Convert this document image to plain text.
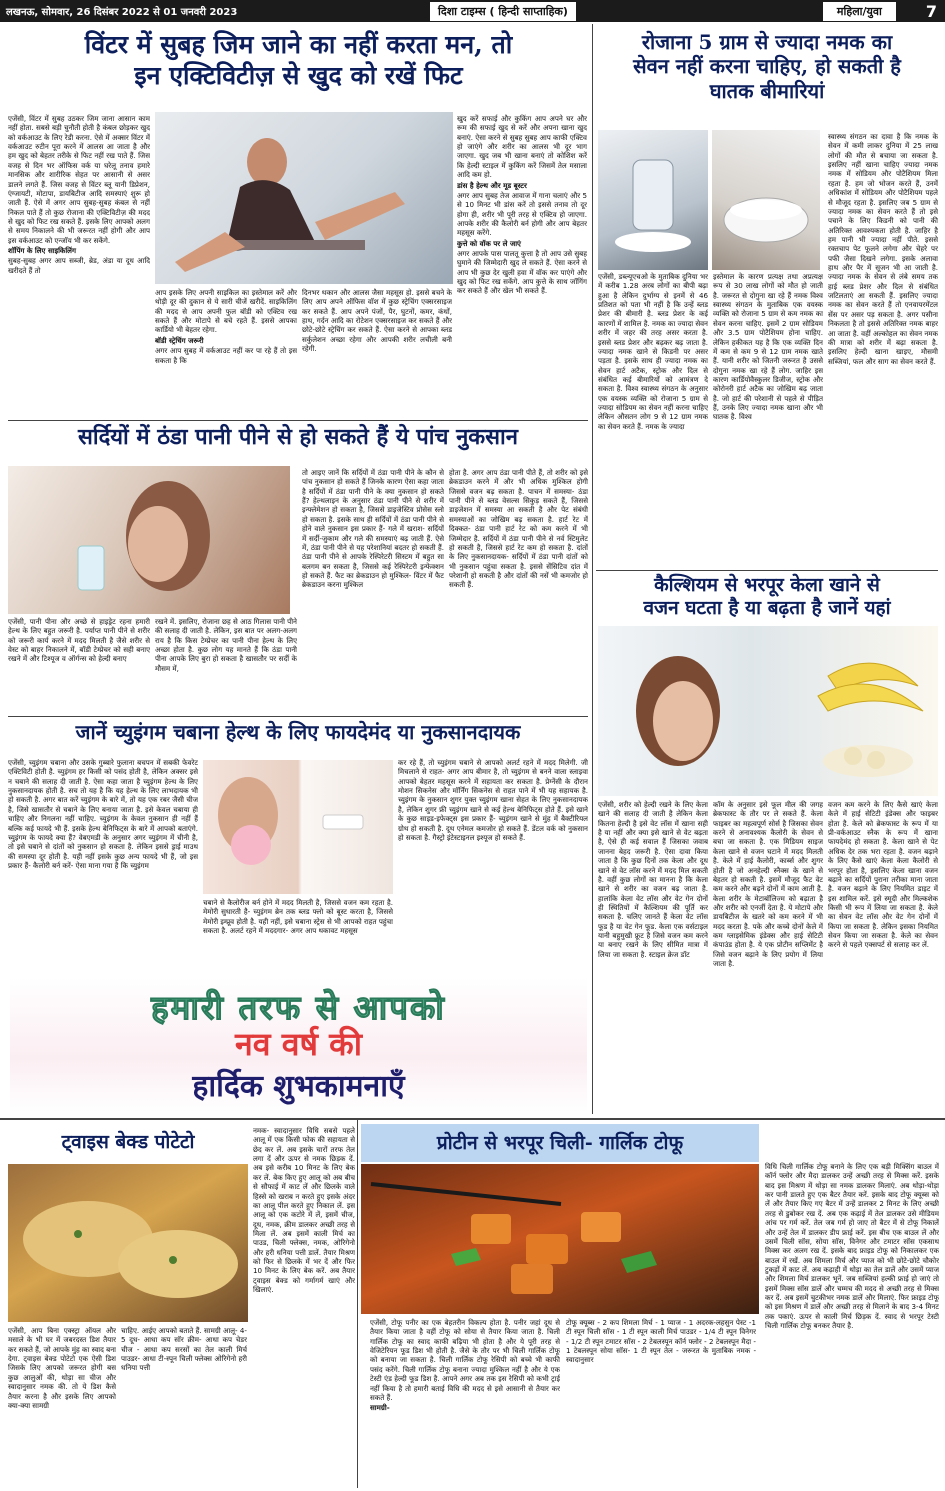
लखनऊ, सोमवार, 26 दिसंबर 2022 से 01 जनवरी 2023	दिशा टाइम्स ( हिन्दी साप्ताहिक)	महिला/युवा	7
विंटर में सुबह जिम जाने का नहीं करता मन, तो
इन एक्टिविटीज़ से खुद को रखें फिट

एजेंसी, विंटर में सुबह उठकर जिम जाना आसान काम नहीं होता. सबसे बड़ी चुनौती होती है कंबल छोड़कर खुद को वर्कआउट के लिए रेडी करना. ऐसे में अक्सर विंटर में वर्कआउट रुटीन पूरा करने में आलस आ जाता है और हम खुद को बेहतर तरीके से फिट नहीं रख पाते हैं. जिस वजह से दिन भर ऑफिस वर्क या घरेलू तनाव हमारे मानसिक और शारीरिक सेहत पर आसानी से असर डालने लगते हैं. जिस वजह से विंटर ब्लू यानी डिप्रेशन, एंग्जायटी, मोटापा, डायबिटीज आदि समस्याएं शुरू हो जाती हैं. ऐसे में अगर आप सुबह-सुबह कंबल से नहीं निकल पाते हैं तो कुछ रोजाना की एक्टिविटीज़ की मदद से खुद को फिट रख सकते हैं. इसके लिए आपको अलग से समय निकालने की भी जरूरत नहीं होगी और आप इस वर्कआउट को एन्जॉय भी कर सकेंगे.

शॉपिंग के लिए साइकिलिंग

सुबह-सुबह अगर आप सब्जी, ब्रेड, अंडा या दूध आदि खरीदते हैं तो

आप इसके लिए अपनी साइकिल का इस्तेमाल करें और थोड़ी दूर की दुकान से ये सारी चीजें खरीदें. साइकिलिंग की मदद से आप अपनी फुल बॉडी को एक्टिव रख सकते हैं और मोटापे से बचे रहते हैं. इससे आपका कार्डियो भी बेहतर रहेगा.

बॉडी स्ट्रेचिंग जरूरी

अगर आप सुबह में वर्कआउट नहीं कर पा रहे हैं तो इस सकता है कि

दिनभर थकान और आलस जैसा महसूस हो. इससे बचने के लिए आप अपने ऑफिस वॉश में कुछ स्ट्रेचिंग एक्सरसाइज कर सकते हैं. आप अपने पंजों, पैर, घुटनों, कमर, कंधों, हाथ, गर्दन आदि का रोटेशन एक्सरसाइज कर सकते हैं और छोटे-छोटे स्ट्रेचिंग कर सकते हैं. ऐसा करने से आपका ब्लड सर्कुलेशन अच्छा रहेगा और आपकी शरीर लचीली बनी रहेगी.

खुद करें सफाई और कुकिंग आप अपने घर और रूम की सफाई खुद से करें और अपना खाना खुद बनाएं. ऐसा करने से सुबह सुबह आप काफी एक्टिव हो जाएंगे और शरीर का आलस भी दूर भाग जाएगा. खुद जब भी खाना बनाएं तो कोशिश करें कि हेल्दी स्टाइल में कुकिंग करें जिसमें तेल मसाला आदि कम हो.

डांस है हेल्थ और मूड बूस्टर

अगर आप सुबह तेज आवाज में गाना चलाएं और 5 से 10 मिनट भी डांस करें तो इससे तनाव तो दूर होगा ही, शरीर भी पूरी तरह से एक्टिव हो जाएगा. आपके शरीर की कैलोरी बर्न होगी और आप बेहतर महसूस करेंगे.

कुत्ते को वॉक पर ले जाएं

अगर आपके पास पालतू कुत्ता है तो आप उसे सुबह घुमाने की जिम्मेदारी खुद ले सकते हैं. ऐसा करने से आप भी कुछ देर खुली हवा में वॉक कर पाएंगे और खुद को फिट रख सकेंगे. आप कुत्ते के साथ जॉगिंग कर सकते हैं और खेल भी सकते हैं.

सर्दियों में ठंडा पानी पीने से हो सकते हैं ये पांच नुकसान

एजेंसी, पानी पीना और अच्छे से हाइड्रेट रहना हमारी हेल्थ के लिए बहुत जरूरी है. पर्याप्त पानी पीने से शरीर को जरूरी कार्य करने में मदद मिलती है जैसे शरीर से वेस्ट को बाहर निकालने में, बॉडी टेम्प्रेचर को सही बनाए रखने में और टिश्यूज व ऑर्गन्स को हेल्दी बनाए

रखने में. इसलिए, रोजाना छह से आठ गिलास पानी पीने की सलाह दी जाती है. लेकिन, इस बात पर अलग-अलग राय है कि किस टेम्प्रेचर का पानी पीना हेल्थ के लिए अच्छा होता है. कुछ लोग यह मानते हैं कि ठंडा पानी पीना आपके लिए बुरा हो सकता है खासतौर पर सर्दी के मौसम में,

तो आइए जानें कि सर्दियों में ठंडा पानी पीने के कौन से पांच नुकसान हो सकते हैं जिनके कारण ऐसा कहा जाता है सर्दियों में ठंडा पानी पीने के क्या नुकसान हो सकते हैं? हेल्थलाइन के अनुसार ठंडा पानी पीने से शरीर में इन्फ्लेमेशन हो सकता है, जिससे डाइजेस्टिव प्रोसेस स्लो हो सकता है. इसके साथ ही सर्दियों में ठंडा पानी पीने से होने वाले नुकसान इस प्रकार हैं- गले में खराश- सर्दियों में सर्दी-जुकाम और गले की समस्याएं बढ़ जाती हैं. ऐसे में, ठंडा पानी पीने से यह परेशानियां बदतर हो सकती हैं. ठंडा पानी पीने से आपके रेस्पिरेटरी सिस्टम में बहुत सा बलगम बन सकता है, जिससे कई रेस्पिरेटरी इन्फेक्शन हो सकते हैं. फैट का ब्रेकडाउन हो मुश्किल- विंटर में फैट ब्रेकडाउन करना मुश्किल

होता है. अगर आप ठंडा पानी पीते हैं, तो शरीर को इसे ब्रेकडाउन करने में और भी अधिक मुश्किल होगी जिससे वजन बढ़ सकता है. पाचन में समस्या- ठंडा पानी पीने से ब्लड वेसल्स सिकुड़ सकते हैं, जिससे डाइजेशन में समस्या आ सकती है और पेट संबंधी समस्याओं का जोखिम बढ़ सकता है. हार्ट रेट में दिक्कत- ठंडा पानी हार्ट रेट को कम करने में भी जिम्मेदार है. सर्दियों में ठंडा पानी पीने से नर्व स्टिमुलेट हो सकती है, जिससे हार्ट रेट कम हो सकता है. दांतों के लिए नुकसानदायक- सर्दियों में ठंडा पानी दांतों को भी नुकसान पहुंचा सकता है. इससे सेंसिटिव दांत में परेशानी हो सकती है और दांतों की नसें भी कमजोर हो सकती हैं.

जानें च्युइंगम चबाना हेल्थ के लिए फायदेमंद या नुकसानदायक

एजेंसी, च्युइंगम चबाना और उसके गुब्बारे फुलाना बचपन में सबकी फेवरेट एक्टिविटी होती है. च्युइंगम हर किसी को पसंद होती है, लेकिन अक्सर इसे न चबाने की सलाह दी जाती है. ऐसा कहा जाता है च्युइंगम हेल्थ के लिए नुकसानदायक होती है. सच तो यह है कि यह हेल्थ के लिए लाभदायक भी हो सकती है. अगर बात करें च्युइंगम के बारे में, तो यह एक रबर जैसी चीज है, जिसे खासतौर से चबाने के लिए बनाया जाता है. इसे केवल चबाया ही चाहिए और निगलना नहीं चाहिए. च्युइंगम के केवल नुकसान ही नहीं हैं बल्कि कई फायदे भी हैं. इसके हेल्थ बेनिफिट्स के बारे में आपको बताएंगे. च्युइंगम के फायदे क्या हैं? वेबएमडी के अनुसार अगर च्युइंगम में चीनी है, तो इसे चबाने से दांतों को नुकसान हो सकता है. लेकिन इससे ड्राई माउथ की समस्या दूर होती है. यही नहीं इसके कुछ अन्य फायदे भी हैं, जो इस प्रकार हैं- कैलोरी बर्न करें- ऐसा माना गया है कि च्युइंगम

चबाने से कैलोरीज बर्न होने में मदद मिलती है, जिससे वजन कम रहता है. मेमोरी सुधारती है- च्युइंगम ब्रेन तक ब्लड फ्लो को बूस्ट करता है, जिससे मेमोरी इम्प्रूव होती है. यही नहीं, इसे चबाना स्ट्रेस से भी आपको राहत पहुंचा सकता है. अलर्ट रहने में मददगार- अगर आप थकावट महसूस

कर रहे हैं, तो च्युइंगम चबाने से आपको अलर्ट रहने में मदद मिलेगी. जी मिचलाने से राहत- अगर आप बीमार है, तो च्युइंगम से बनने वाला स्लाइवा आपको बेहतर महसूस करने में सहायता कर सकता है. प्रेग्नेंसी के दौरान मोशन सिकनेस और मॉर्निंग सिकनेस से राहत पाने में भी यह सहायक है. च्युइंगम के नुकसान शुगर युक्त च्युइंगम खाना सेहत के लिए नुकसानदायक है, लेकिन शुगर फ्री च्युइंगम खाने से कई हेल्थ बेनिफिट्स होते हैं. इसे खाने के कुछ साइड-इफेक्ट्स इस प्रकार हैं- च्युइंगम खाने से मुंह में बैक्टीरियल ग्रोथ हो सकती है. दूथ एनेमल कमजोर हो सकते हैं. डेंटल वर्क को नुकसान हो सकता है. गैस्ट्रो इंटेस्टाइनल इश्यूज हो सकते हैं.

हमारी तरफ से आपको
नव वर्ष की
हार्दिक शुभकामनाएँ
रोजाना 5 ग्राम से ज्यादा नमक का
सेवन नहीं करना चाहिए, हो सकती है
घातक बीमारियां

एजेंसी, डब्ल्यूएचओ के मुताबिक दुनिया भर में करीब 1.28 अरब लोगों का बीपी बढ़ा हुआ है लेकिन दुर्भाग्य से इनमें से 46 प्रतिशत को पता भी नहीं है कि उन्हें ब्लड प्रेशर की बीमारी है. ब्लड प्रेशर के कई कारणों में शामिल है. नमक का ज्यादा सेवन शरीर में जहर की तरह असर करता है. इससे ब्लड प्रेशर और बढ़कर बढ़ जाता है. ज्यादा नमक खाने से किडनी पर असर पड़ता है. इसके साथ ही ज्यादा नमक का सेवन हार्ट अटैक, स्ट्रोक और दिल से संबंधित कई बीमारियों को आमंत्रण दे सकता है. विश्व स्वास्थ्य संगठन के अनुसार एक वयस्क व्यक्ति को रोजाना 5 ग्राम से ज्यादा सोडियम का सेवन नहीं करना चाहिए लेकिन औसतन लोग 9 से 12 ग्राम नमक का सेवन करते हैं. नमक के ज्यादा

इस्तेमाल के कारण प्रत्यक्ष तथा अप्रत्यक्ष रूप से 30 लाख लोगों को मौत हो जाती है. जरूरत से दोगुना खा रहे हैं नमक विश्व स्वास्थ्य संगठन के मुताबिक एक वयस्क व्यक्ति को रोजाना 5 ग्राम से कम नमक का सेवन करना चाहिए. इसमें 2 ग्राम सोडियम और 3.5 ग्राम पोटैशियम होना चाहिए. लेकिन हकीकत यह है कि एक व्यक्ति दिन में कम से कम 9 से 12 ग्राम नमक खाते हैं. यानी शरीर को जितनी जरूरत है उससे दोगुना नमक खा रहे हैं लोग. जाहिर इस कारण कार्डियोवैस्कुलर डिजीज, स्ट्रोक और कोरोनरी हार्ट अटैक का जोखिम बढ़ जाता है. जो हार्ट की परेशानी से पहले से पीड़ित हैं, उनके लिए ज्यादा नमक खाना और भी घातक है. विश्व

स्वास्थ्य संगठन का दावा है कि नमक के सेवन में कमी लाकर दुनिया में 25 लाख लोगों की मौत से बचाया जा सकता है. इसलिए नहीं खाना चाहिए ज्यादा नमक नमक में सोडियम और पोटैशियम मिला रहता है. हम जो भोजन करते हैं, उनमें अधिकांश में सोडियम और पोटैशियम पहले से मौजूद रहता है. इसलिए जब 5 ग्राम से ज्यादा नमक का सेवन करते हैं तो इसे पचाने के लिए किडनी को पानी की अतिरिक्त आवश्यकता होती है. जाहिर है हम पानी भी ज्यादा नहीं पीते. इससे रक्तचाप पेट फूलने लगेगा और चेहरे पर पफी जैसा दिखने लगेगा. इसके अलावा हाथ और पैर में सूजन भी आ जाती है. ज्यादा नमक के सेवन से लंबे समय तक हाई ब्लड प्रेशर और दिल से संबंधित जटिलताएं आ सकती हैं. इसलिए ज्यादा नमक का सेवन करते हैं तो एनवायरमेंटल सेंस पर असर पड़ सकता है. अगर पसीना निकलता है तो इससे अतिरिक्त नमक बाहर आ जाता है. वहीं अल्कोहल का सेवन नमक की मात्रा को शरीर में बढ़ा सकता है. इसलिए हेल्दी खाना खाइए, मौसमी सब्जियां, फल और साग का सेवन करते हैं.

कैल्शियम से भरपूर केला खाने से
वजन घटता है या बढ़ता है जानें यहां

एजेंसी, शरीर को हेल्दी रखने के लिए केला खाने की सलाह दी जाती है लेकिन केला कितना हेल्दी है इसे वेट लॉस में खाना सही है या नहीं और क्या इसे खाने से वेट बढ़ता है, ऐसे ही कई सवाल हैं जिसका जवाब जानना बेहद जरूरी है. ऐसा दावा किया जाता है कि कुछ दिनों तक केला और दूध खाने से वेट लॉस करने में मदद मिल सकती है. वहीं कुछ लोगों का मानना है कि केला खाने से शरीर का वजन बढ़ जाता है. हालांकि केला वेट लॉस और वेट गेन दोनों ही स्थितियों में कैल्शियम की पूर्ति कर सकता है. चलिए जानते हैं केला वेट लॉस फूड है या वेट गेन फूड. केला एक वर्सटाइल यानी बहुमुखी फ्रूट है जिसे वजन कम करने या बनाए रखने के लिए सीमित मात्रा में लिया जा सकता है. स्टाइल क्रेज डॉट

कॉम के अनुसार इसे फूल मील की जगह ब्रेकफास्ट के तौर पर ले सकते हैं. केला फाइबर का महत्वपूर्ण सोर्स है जिसका सेवन करने से अनावश्यक कैलोरी के सेवन से बचा जा सकता है. एक मिडियम साइज केला खाने से वजन घटाने में मदद मिलती है. केले में हाई कैलोरी, कार्ब्स और शुगर होती है जो अनहेल्दी स्नैक्स के खाने से बेहतर हो सकती है. इसमें मौजूद फैट वेट कम करने और बढ़ने दोनों में काम आती है. केला शरीर के मेटाबॉलिज्म को बढ़ाता है और शरीर को एनर्जी देता है. ये मोटापे और डायबिटीज के खतरे को कम करने में भी मदद करता है. पके और कच्चे दोनों केले में कम ग्लाइसेमिक इंडेक्स और हाई सेटिटी कंपाउंड होता है. ये एक प्रोटीन सप्लिमेंट है जिसे वजन बढ़ाने के लिए प्रयोग में लिया जाता है.

वजन कम करने के लिए कैसे खाएं केला केले में हाई सेटिटी इंडेक्स और फाइबर होता है. केले को ब्रेकफास्ट के रूप में या प्री-वर्कआउट स्नैक के रूप में खाना फायदेमंद हो सकता है. केला खाने से पेट अधिक देर तक भरा रहता है. वजन बढ़ाने के लिए कैसे खाएं केला केला कैलोरी से भरपूर होता है, इसलिए केला खाना वजन बढ़ाने का सर्दियों पुराना तरीका माना जाता है. वजन बढ़ाने के लिए नियमित डाइट में इस शामिल करें. इसे स्मूदी और मिल्कशेक किसी भी रूप में लिया जा सकता है. केले का सेवन वेट लॉस और वेट गेन दोनों में किया जा सकता है. लेकिन इसका नियमित सेवन किया जा सकता है. केले का सेवन करने से पहले एक्सपर्ट से सलाह कर लें.

ट्वाइस बेक्ड पोटेटो

एजेंसी, आप बिना एक्स्ट्रा ऑयल और मसाले के भी घर में जबरदस्त डिश तैयार कर सकते हैं, जो आपके मुंह का स्वाद बना देगा. ट्वाइस बेक्ड पोटेटो एक ऐसी डिश जिसके लिए आपको जरूरत होगी बस कुछ आलुओं की, थोड़ा सा चीज और स्वादानुसार नमक की. तो ये डिश कैसे तैयार करना है और इसके लिए आपको क्या-क्या सामग्री

चाहिए. आईए आपको बताते हैं. सामग्री आलू- 4-5 दूध- आधा कप सॉर क्रीम- आधा कप चेडर चीज - आधा कप सरसों का तेल काली मिर्च पाउडर- आधा टी-स्पून चिली फ्लेक्स ओरिगेनो हरी धनिया पत्ती

नमक- स्वादानुसार विधि सबसे पहले आलू में एक किसी फोक की सहायता से छेद कर लें. अब इसके चारों तरफ तेल लगा दें और ऊपर से नमक छिड़क दें. अब इसे करीब 10 मिनट के लिए बेक कर लें. बेक किए हुए आलू को अब बीच से सौफाई में काट लें और छिलके वाले हिस्से को खराब न करते हुए इसके अंदर का आलू पील करते हुए निकाल लें. इस आलू को एक कटोरे में लें, इसमें चीज, दूध, नमक, क्रीम डालकर अच्छी तरह से मिला लें. अब इसमें काली मिर्च का पाउड, चिली फ्लेक्स, नमक, ओरिगेनो और हरी धनिया पत्ती डालें. तैयार मिश्रण को फिर से छिलके में भर दें और फिर 10 मिनट के लिए बेक करें. अब तैयार ट्वाइस बेक्ड को गर्मागर्म खाएं और खिलाएं.

प्रोटीन से भरपूर चिली- गार्लिक टोफू

एजेंसी, टोफू पनीर का एक बेहतरीन विकल्प होता है. पनीर जहां दूध से तैयार किया जाता है वहीं टोफू को सोया से तैयार किया जाता है. चिली गार्लिक टोफू का स्वाद काफी बढ़िया भी होता है और ये पूरी तरह से वेजिटेरियन फूड डिश भी होती है. जैसे के तौर पर भी चिली गार्लिक टोफू को बनाया जा सकता है. चिली गार्लिक टोफू रेसिपी को बच्चे भी काफी पसंद करेंगे. चिली गार्लिक टोफू बनाना ज्यादा मुश्किल नहीं है और ये एक टेस्टी एंड हेल्दी फूड डिश है. आपने अगर अब तक इस रेसिपी को कभी ट्राई नहीं किया है तो हमारी बताई विधि की मदद से इसे आसानी से तैयार कर सकते हैं.

सामग्री-

टोफू क्यूब्स - 2 कप शिमला मिर्च - 1 प्याज - 1 अदरक-लहसुन पेस्ट -1 टी स्पून चिली सॉस - 1 टी स्पून काली मिर्च पाउडर - 1/4 टी स्पून विनेगर - 1/2 टी स्पून टमाटर सॉस - 2 टेबलस्पून कॉर्न फ्लोर - 2 टेबलस्पून मैदा - 1 टेबलस्पून सोया सॉस- 1 टी स्पून तेल - जरूरत के मुताबिक नमक - स्वादानुसार

विधि चिली गार्लिक टोफू बनाने के लिए एक बड़ी मिक्सिंग बाउल में कॉर्न फ्लोर और मैदा डालकर उन्हें अच्छी तरह से मिक्स करें. इसके बाद इस मिश्रण में थोड़ा सा नमक डालकर मिलाएं. अब थोड़ा-थोड़ा कर पानी डालते हुए एक बैटर तैयार करें. इसके बाद टोफू क्यूब्स को लें और तैयार किए गए बैटर में उन्हें डालकर 2 मिनट के लिए अच्छी तरह से डुबोकर रख दें. अब एक कढ़ाई में तेल डालकर उसे मीडियम आंच पर गर्म करें. तेल जब गर्म हो जाए तो बैटर में से टोफू निकालें और उन्हें तेल में डालकर डीप फ्राई करें. इस बीच एक बाउल लें और उसमें चिली सॉस, सोया सॉस, विनेगर और टमाटर सॉस एकसाथ मिक्स कर अलग रख दें. इसके बाद फ्राइड टोफू को निकालकर एक बाउल में रखें. अब शिमला मिर्च और प्याज को भी छोटे-छोटे चौकोर टुकड़ों में काट लें. अब कढ़ाही में थोड़ा का तेल डालें और उसमें प्याज और शिमला मिर्च डालकर भूनें. जब सब्जियां हल्की फ्राई हो जाएं तो इसमें मिक्स सॉस डालें और चम्मच की मदद से अच्छी तरह से मिक्स कर दें. अब इसमें चुटकीभर नमक डालें और मिलाएं. फिर फ्राइड टोफू को इस मिश्रण में डालें और अच्छी तरह से मिलाने के बाद 3-4 मिनट तक पकाएं. ऊपर से काली मिर्च छिड़क दें. स्वाद से भरपूर टेस्टी चिली गार्लिक टोफू बनकर तैयार है.
